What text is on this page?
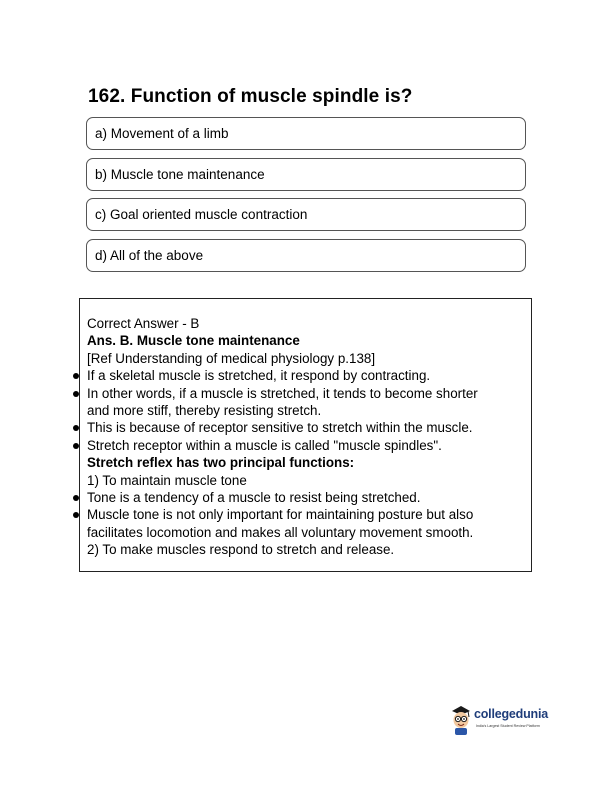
162. Function of muscle spindle is?
a) Movement of a limb
b) Muscle tone maintenance
c) Goal oriented muscle contraction
d) All of the above
Correct Answer - B
Ans. B. Muscle tone maintenance
[Ref Understanding of medical physiology p.138]
If a skeletal muscle is stretched, it respond by contracting.
In other words, if a muscle is stretched, it tends to become shorter
and more stiff, thereby resisting stretch.
This is because of receptor sensitive to stretch within the muscle.
Stretch receptor within a muscle is called "muscle spindles".
Stretch reflex has two principal functions:
1) To maintain muscle tone
Tone is a tendency of a muscle to resist being stretched.
Muscle tone is not only important for maintaining posture but also
facilitates locomotion and makes all voluntary movement smooth.
2) To make muscles respond to stretch and release.
collegedunia
India's Largest Student Review Platform
